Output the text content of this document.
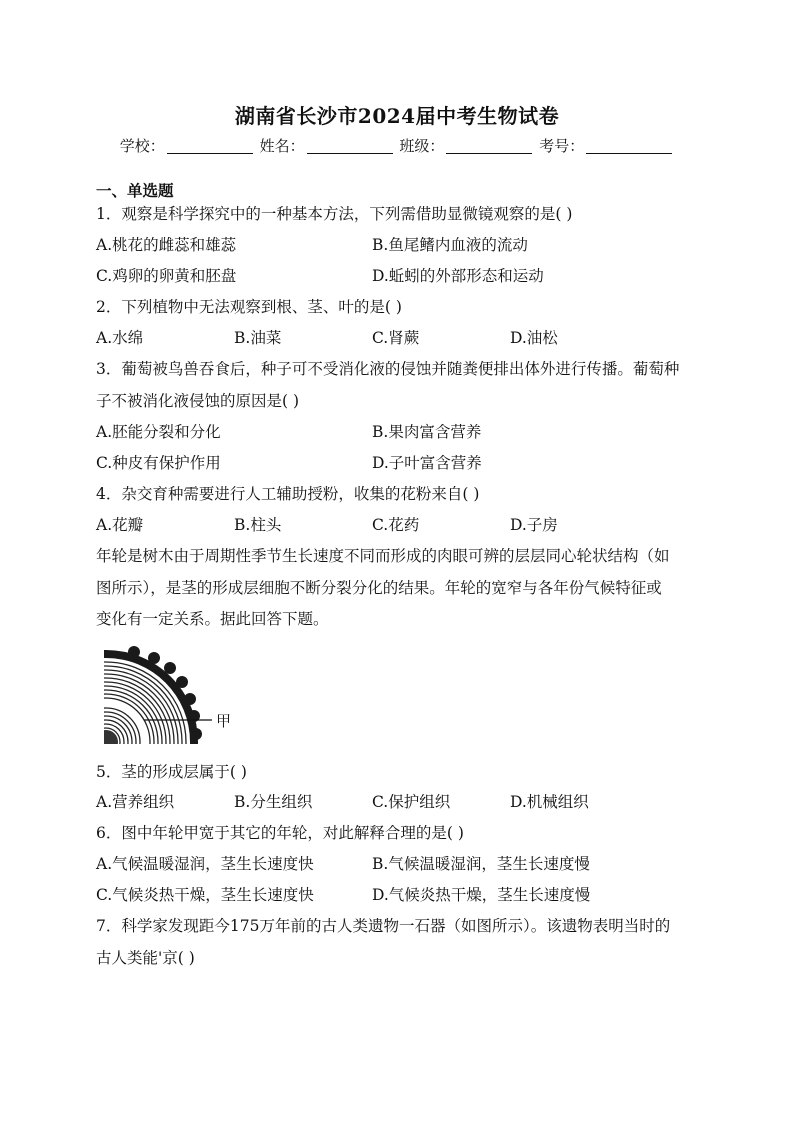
湖南省长沙市2024届中考生物试卷
学校：	姓名：	班级：	考号：
一、单选题
1．观察是科学探究中的一种基本方法，下列需借助显微镜观察的是( )
A.桃花的雌蕊和雄蕊	B.鱼尾鳍内血液的流动
C.鸡卵的卵黄和胚盘	D.蚯蚓的外部形态和运动
2．下列植物中无法观察到根、茎、叶的是( )
A.水绵	B.油菜	C.肾蕨	D.油松
3．葡萄被鸟兽吞食后，种子可不受消化液的侵蚀并随粪便排出体外进行传播。葡萄种
子不被消化液侵蚀的原因是( )
A.胚能分裂和分化	B.果肉富含营养
C.种皮有保护作用	D.子叶富含营养
4．杂交育种需要进行人工辅助授粉，收集的花粉来自( )
A.花瓣	B.柱头	C.花药	D.子房
年轮是树木由于周期性季节生长速度不同而形成的肉眼可辨的层层同心轮状结构（如
图所示），是茎的形成层细胞不断分裂分化的结果。年轮的宽窄与各年份气候特征或
变化有一定关系。据此回答下题。
甲
5．茎的形成层属于( )
A.营养组织	B.分生组织	C.保护组织	D.机械组织
6．图中年轮甲宽于其它的年轮，对此解释合理的是( )
A.气候温暖湿润，茎生长速度快	B.气候温暖湿润，茎生长速度慢
C.气候炎热干燥，茎生长速度快	D.气候炎热干燥，茎生长速度慢
7．科学家发现距今175万年前的古人类遗物一石器（如图所示）。该遗物表明当时的
古人类能'京( )
